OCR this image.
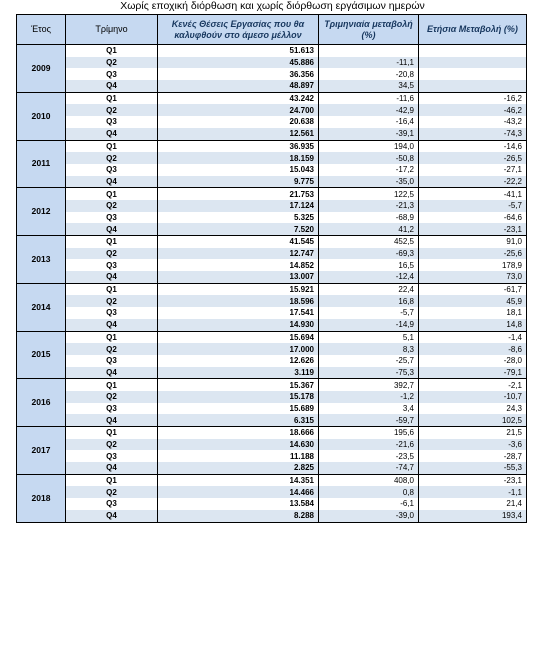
Χωρίς εποχική διόρθωση και χωρίς διόρθωση εργάσιμων ημερών
Έτος	Τρίμηνο	Κενές Θέσεις Εργασίας που θα καλυφθούν στο άμεσο μέλλον	Τριμηνιαία μεταβολή (%)	Ετήσια Μεταβολή (%)
2009	Q1	51.613		
	Q2	45.886	-11,1	
	Q3	36.356	-20,8	
	Q4	48.897	34,5	
2010	Q1	43.242	-11,6	-16,2
	Q2	24.700	-42,9	-46,2
	Q3	20.638	-16,4	-43,2
	Q4	12.561	-39,1	-74,3
2011	Q1	36.935	194,0	-14,6
	Q2	18.159	-50,8	-26,5
	Q3	15.043	-17,2	-27,1
	Q4	9.775	-35,0	-22,2
2012	Q1	21.753	122,5	-41,1
	Q2	17.124	-21,3	-5,7
	Q3	5.325	-68,9	-64,6
	Q4	7.520	41,2	-23,1
2013	Q1	41.545	452,5	91,0
	Q2	12.747	-69,3	-25,6
	Q3	14.852	16,5	178,9
	Q4	13.007	-12,4	73,0
2014	Q1	15.921	22,4	-61,7
	Q2	18.596	16,8	45,9
	Q3	17.541	-5,7	18,1
	Q4	14.930	-14,9	14,8
2015	Q1	15.694	5,1	-1,4
	Q2	17.000	8,3	-8,6
	Q3	12.626	-25,7	-28,0
	Q4	3.119	-75,3	-79,1
2016	Q1	15.367	392,7	-2,1
	Q2	15.178	-1,2	-10,7
	Q3	15.689	3,4	24,3
	Q4	6.315	-59,7	102,5
2017	Q1	18.666	195,6	21,5
	Q2	14.630	-21,6	-3,6
	Q3	11.188	-23,5	-28,7
	Q4	2.825	-74,7	-55,3
2018	Q1	14.351	408,0	-23,1
	Q2	14.466	0,8	-1,1
	Q3	13.584	-6,1	21,4
	Q4	8.288	-39,0	193,4
